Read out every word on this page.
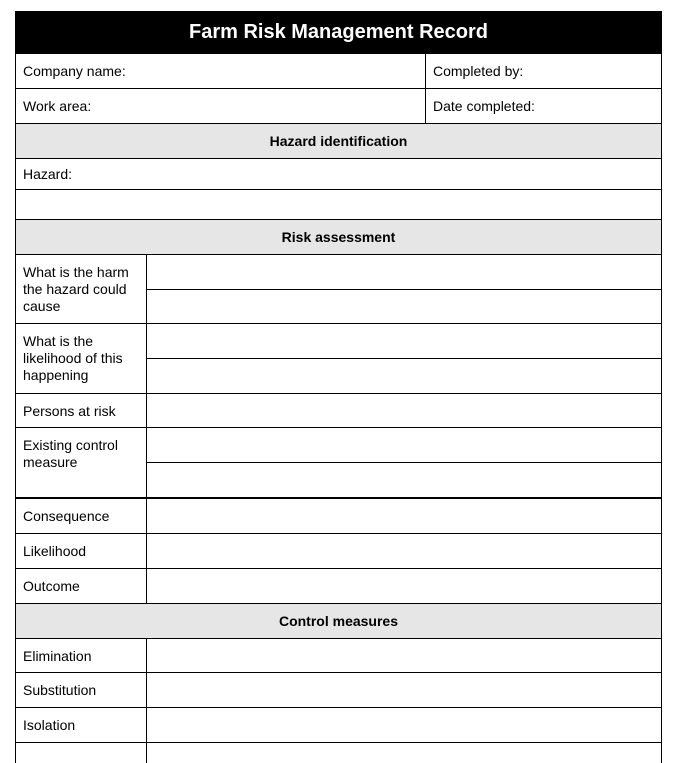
Farm Risk Management Record
Company name:	Completed by:
Work area:	Date completed:
Hazard identification
Hazard:
Risk assessment
What is the harm the hazard could cause
What is the likelihood of this happening
Persons at risk
Existing control measure
Consequence
Likelihood
Outcome
Control measures
Elimination
Substitution
Isolation
